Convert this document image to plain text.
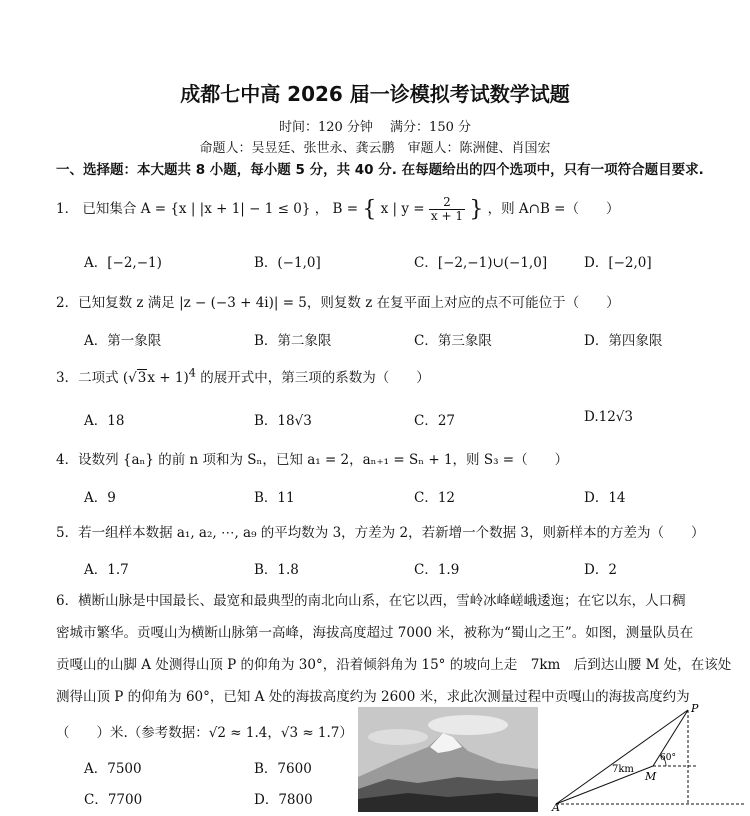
成都七中高 2026 届一诊模拟考试数学试题
时间：120 分钟　 满分：150 分
命题人：吴昱廷、张世永、龚云鹏　审题人：陈洲健、肖国宏
一、选择题：本大题共 8 小题，每小题 5 分，共 40 分. 在每题给出的四个选项中，只有一项符合题目要求.
1． 已知集合 A = {x | |x + 1| − 1 ≤ 0} ， B = { x | $y = \frac{2}{x + 1}$ } ，则 A∩B =（　　）
A．[−2,−1)	B．(−1,0]	C．[−2,−1)∪(−1,0]	D．[−2,0]
2．已知复数 z 满足 |z − (−3 + 4i)| = 5，则复数 z 在复平面上对应的点不可能位于（　　）
A．第一象限	B．第二象限	C．第三象限	D．第四象限
3．二项式 $(√3x + 1)^4$ 的展开式中，第三项的系数为（　　）
A．18	B．18√3	C．27	D.12√3
4．设数列 {aₙ} 的前 n 项和为 Sₙ，已知 a₁ = 2，aₙ₊₁ = Sₙ + 1，则 S₃ =（　　）
A．9	B．11	C．12	D．14
5．若一组样本数据 a₁, a₂, ⋯, a₉ 的平均数为 3，方差为 2，若新增一个数据 3，则新样本的方差为（　　）
A．1.7	B．1.8	C．1.9	D．2
6．横断山脉是中国最长、最宽和最典型的南北向山系，在它以西，雪岭冰峰嵯峨逶迤；在它以东，人口稠
密城市繁华。贡嘎山为横断山脉第一高峰，海拔高度超过 7000 米，被称为“蜀山之王”。如图，测量队员在
贡嘎山的山脚 A 处测得山顶 P 的仰角为 30°，沿着倾斜角为 15° 的坡向上走　7km　后到达山腰 M 处，在该处
测得山顶 P 的仰角为 60°，已知 A 处的海拔高度约为 2600 米，求此次测量过程中贡嘎山的海拔高度约为
（　　）米.（参考数据：√2 ≈ 1.4，√3 ≈ 1.7）
A．7500	B．7600
C．7700	D．7800
P
M
A
7km
60°
